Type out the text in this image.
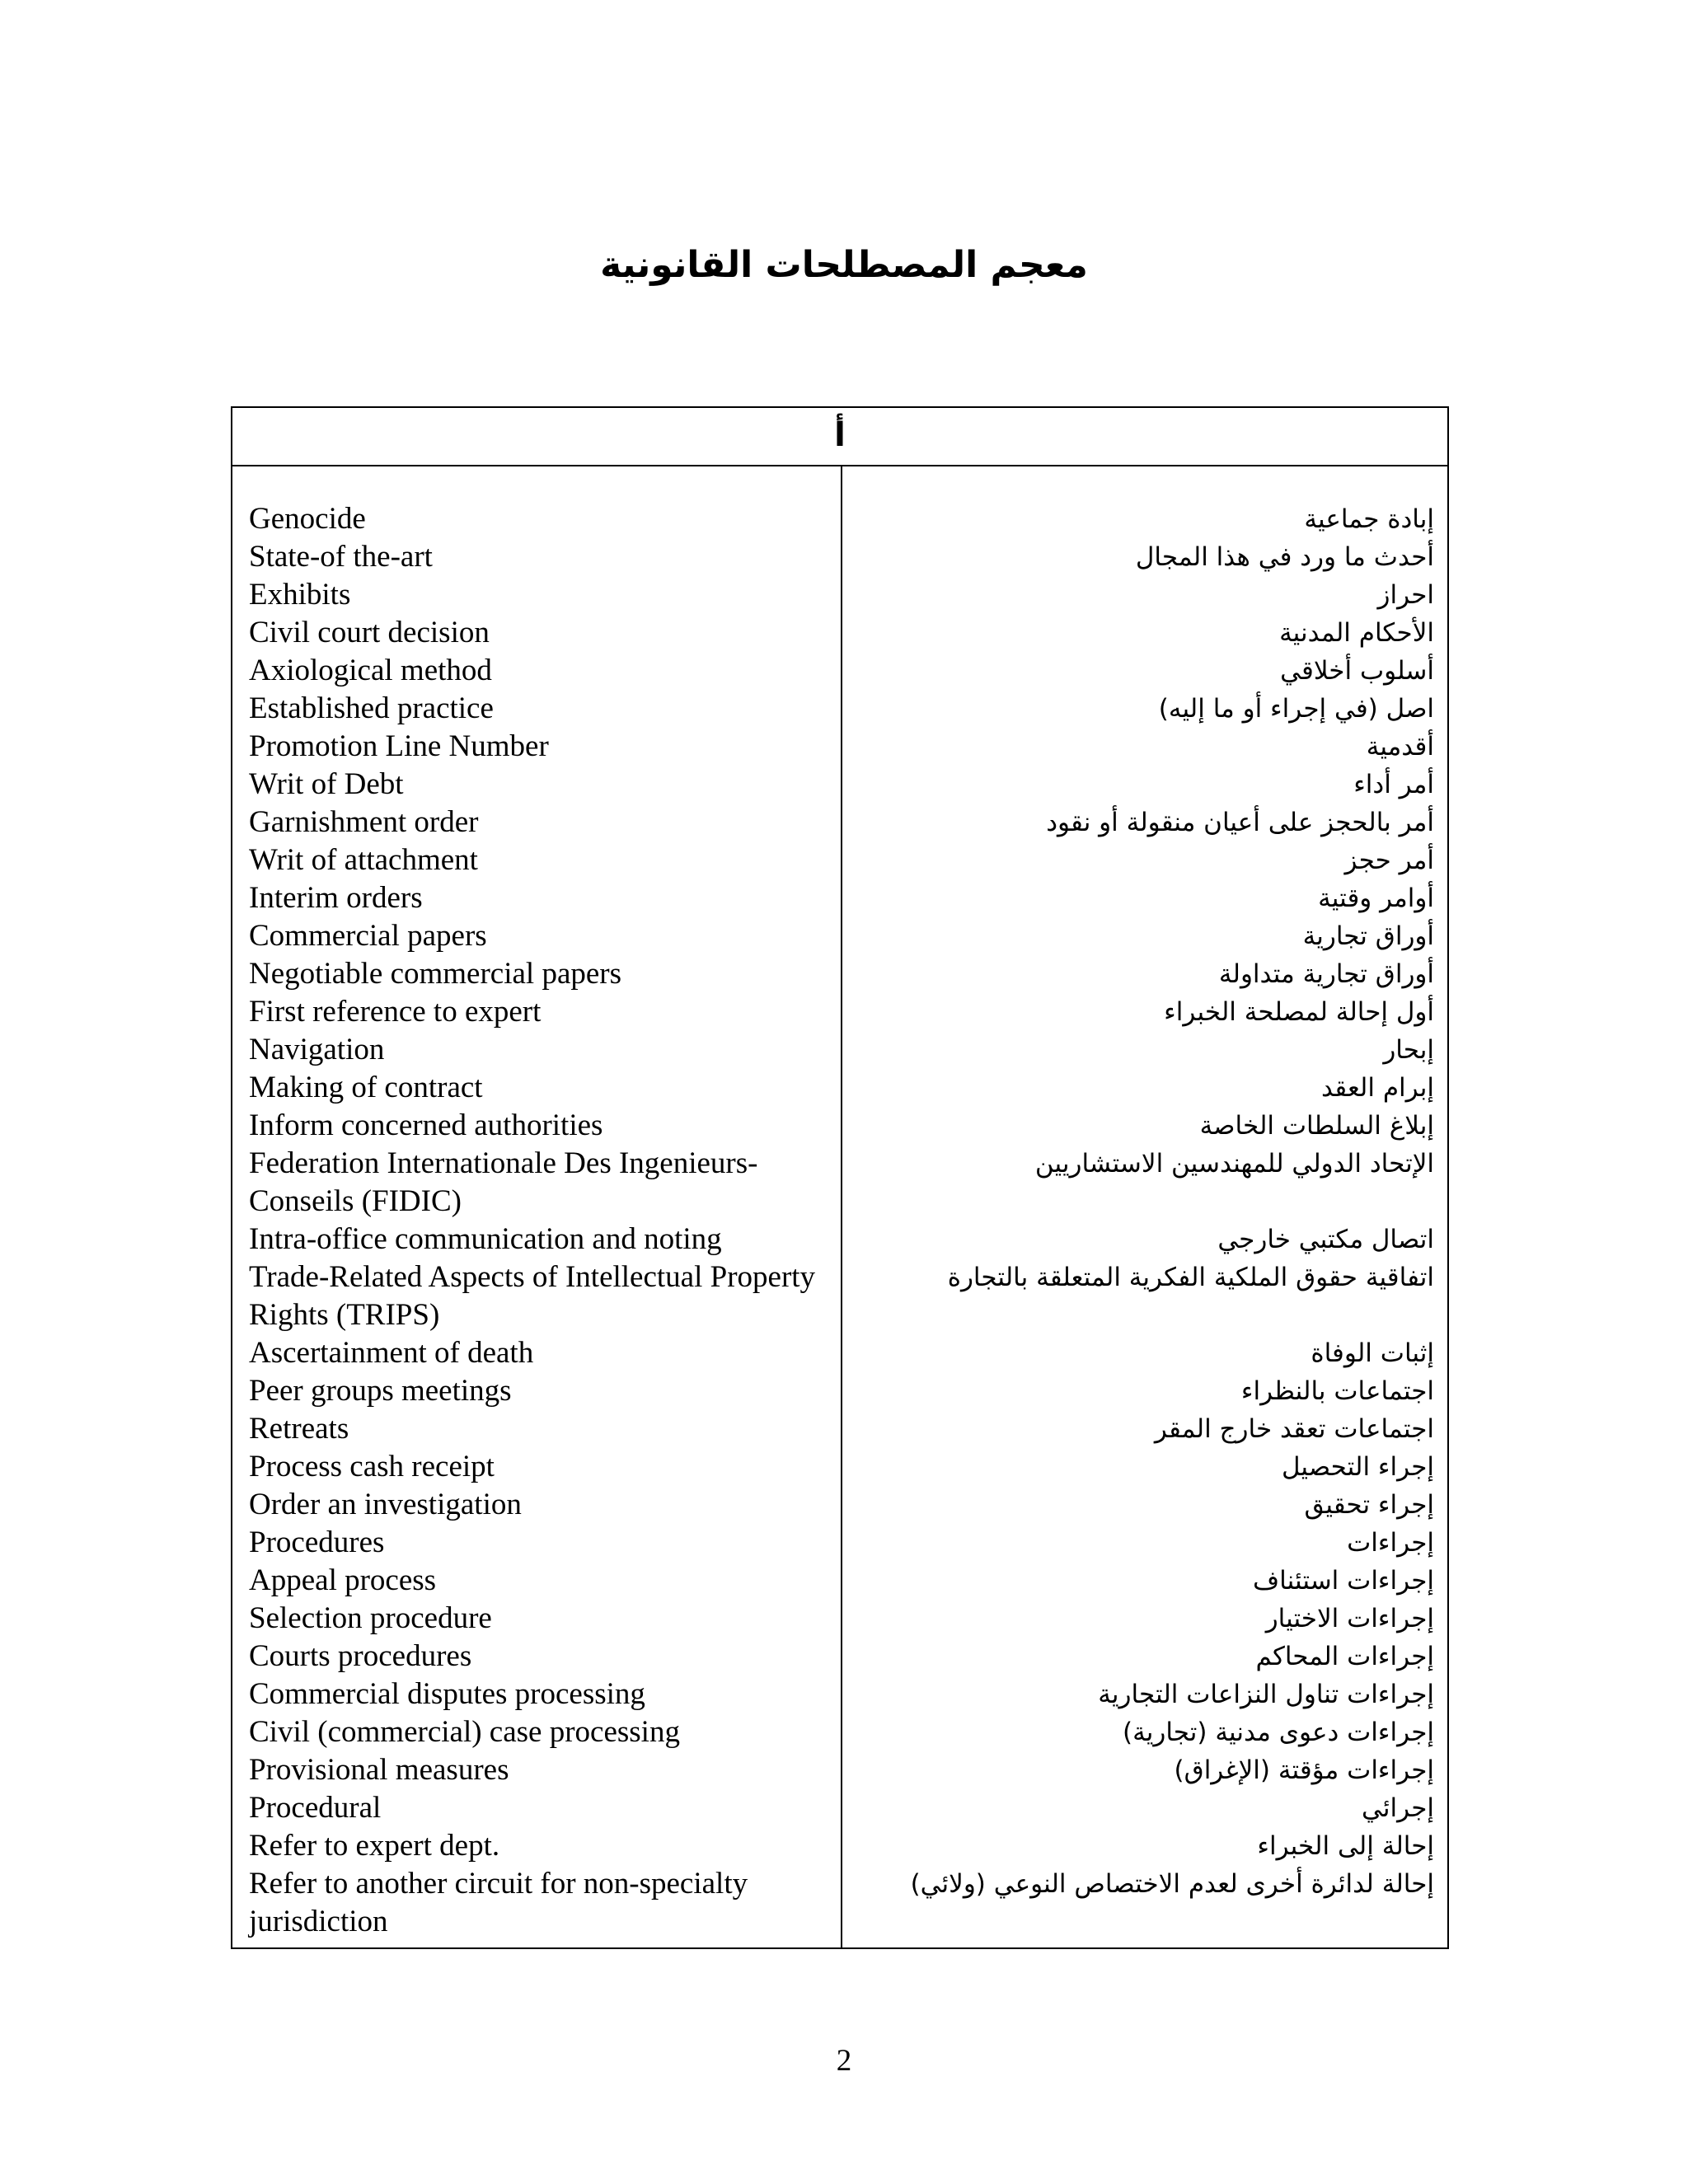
معجم المصطلحات القانونية
أ
Genocide
State-of the-art
Exhibits
Civil court decision
Axiological method
Established practice
Promotion Line Number
Writ of Debt
Garnishment order
Writ of attachment
Interim orders
Commercial papers
Negotiable commercial papers
First reference to expert
Navigation
Making of contract
Inform concerned authorities
Federation Internationale Des Ingenieurs-Conseils (FIDIC)
Intra-office communication and noting
Trade-Related Aspects of Intellectual Property Rights (TRIPS)
Ascertainment of death
Peer groups meetings
Retreats
Process cash receipt
Order an investigation
Procedures
Appeal process
Selection procedure
Courts procedures
Commercial disputes processing
Civil (commercial) case processing
Provisional measures
Procedural
Refer to expert dept.
Refer to another circuit for non-specialty jurisdiction
إبادة جماعية
أحدث ما ورد في هذا المجال
احراز
الأحكام المدنية
أسلوب أخلاقي
اصل (في إجراء أو ما إليه)
أقدمية
أمر أداء
أمر بالحجز على أعيان منقولة أو نقود
أمر حجز
أوامر وقتية
أوراق تجارية
أوراق تجارية متداولة
أول إحالة لمصلحة الخبراء
إبحار
إبرام العقد
إبلاغ السلطات الخاصة
الإتحاد الدولي للمهندسين الاستشاريين
اتصال مكتبي خارجي
اتفاقية حقوق الملكية الفكرية المتعلقة بالتجارة
إثبات الوفاة
اجتماعات بالنظراء
اجتماعات تعقد خارج المقر
إجراء التحصيل
إجراء تحقيق
إجراءات
إجراءات استئناف
إجراءات الاختيار
إجراءات المحاكم
إجراءات تناول النزاعات التجارية
إجراءات دعوى مدنية (تجارية)
إجراءات مؤقتة (الإغراق)
إجرائي
إحالة إلى الخبراء
إحالة لدائرة أخرى لعدم الاختصاص النوعي (ولائي)
2
